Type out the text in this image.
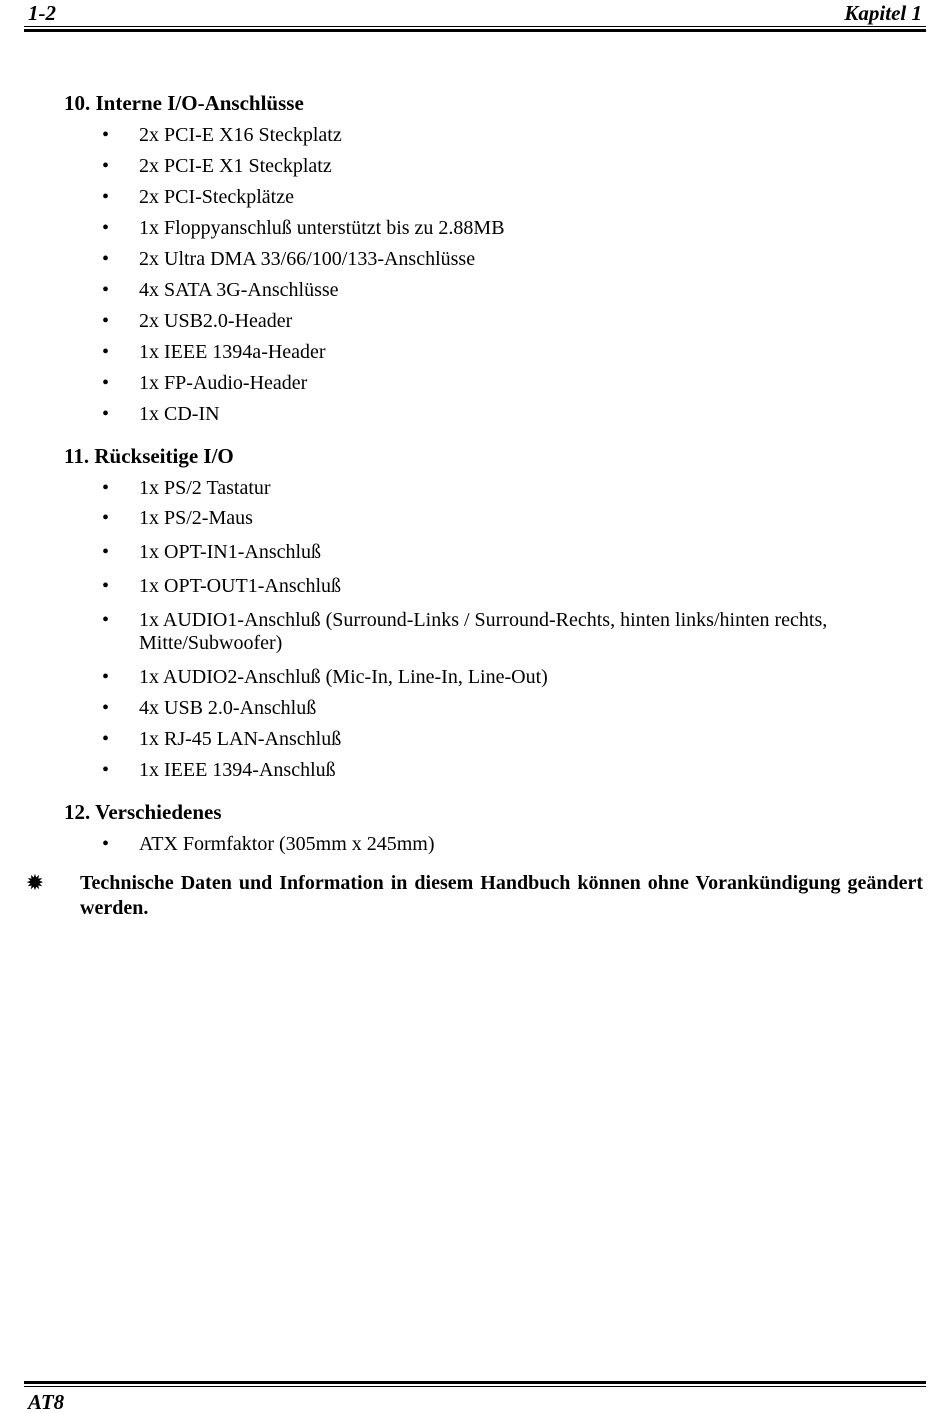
1-2	Kapitel 1
10. Interne I/O-Anschlüsse
• 2x PCI-E X16 Steckplatz
• 2x PCI-E X1 Steckplatz
• 2x PCI-Steckplätze
• 1x Floppyanschluß unterstützt bis zu 2.88MB
• 2x Ultra DMA 33/66/100/133-Anschlüsse
• 4x SATA 3G-Anschlüsse
• 2x USB2.0-Header
• 1x IEEE 1394a-Header
• 1x FP-Audio-Header
• 1x CD-IN
11. Rückseitige I/O
• 1x PS/2 Tastatur
• 1x PS/2-Maus
• 1x OPT-IN1-Anschluß
• 1x OPT-OUT1-Anschluß
• 1x AUDIO1-Anschluß (Surround-Links / Surround-Rechts, hinten links/hinten rechts, Mitte/Subwoofer)
• 1x AUDIO2-Anschluß (Mic-In, Line-In, Line-Out)
• 4x USB 2.0-Anschluß
• 1x RJ-45 LAN-Anschluß
• 1x IEEE 1394-Anschluß
12. Verschiedenes
• ATX Formfaktor (305mm x 245mm)
✹ Technische Daten und Information in diesem Handbuch können ohne Vorankündigung geändert werden.
AT8
